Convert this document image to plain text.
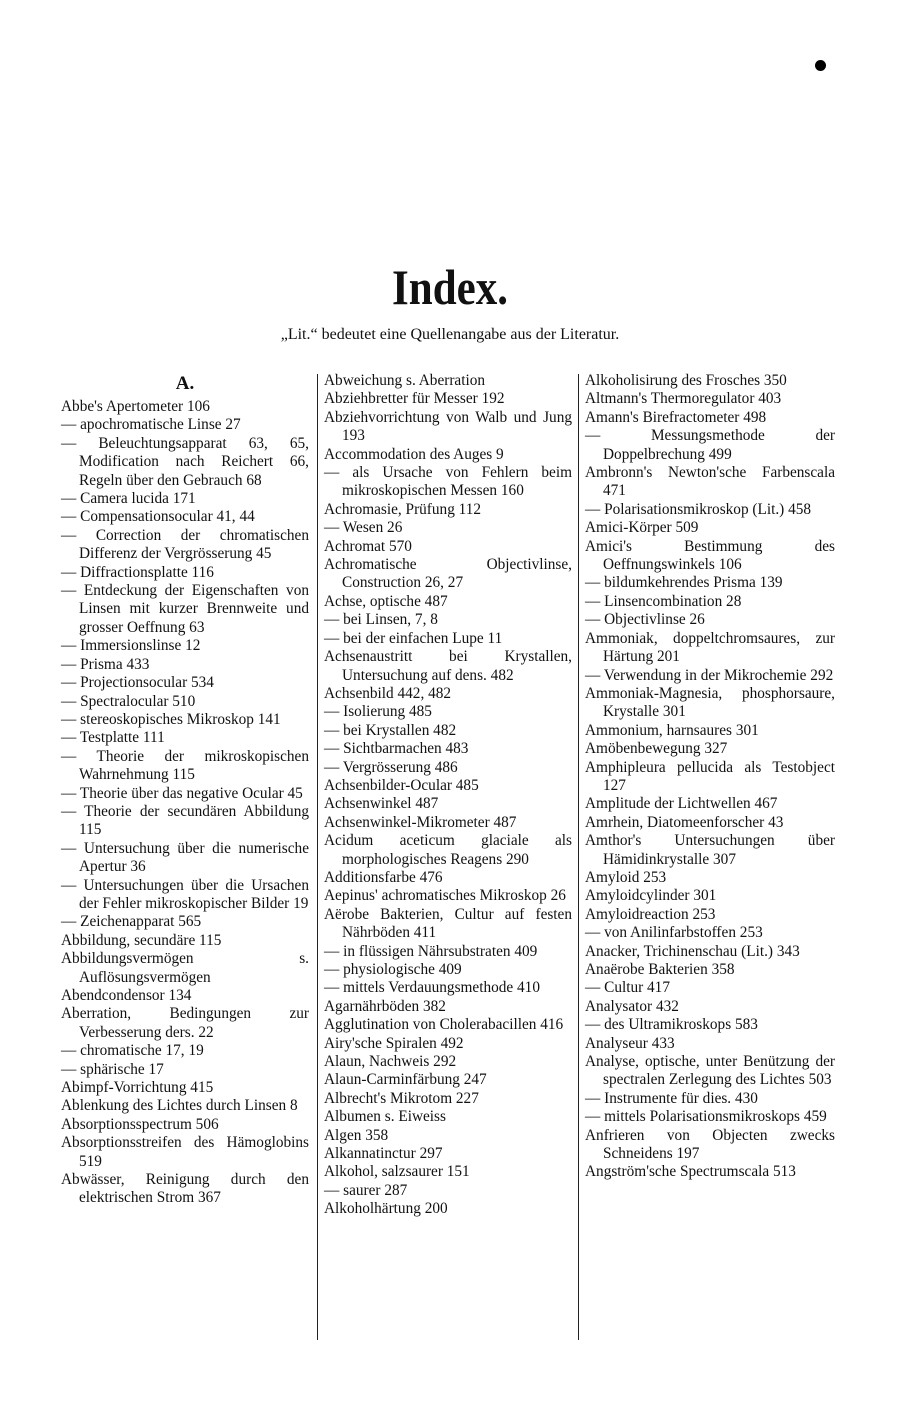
Index.
„Lit.“ bedeutet eine Quellenangabe aus der Literatur.
A.
Abbe's Apertometer 106
— apochromatische Linse 27
— Beleuchtungsapparat 63, 65, Modification nach Reichert 66, Regeln über den Gebrauch 68
— Camera lucida 171
— Compensationsocular 41, 44
— Correction der chromatischen Differenz der Vergrösserung 45
— Diffractionsplatte 116
— Entdeckung der Eigenschaften von Linsen mit kurzer Brennweite und grosser Oeffnung 63
— Immersionslinse 12
— Prisma 433
— Projectionsocular 534
— Spectralocular 510
— stereoskopisches Mikroskop 141
— Testplatte 111
— Theorie der mikroskopischen Wahrnehmung 115
— Theorie über das negative Ocular 45
— Theorie der secundären Abbildung 115
— Untersuchung über die numerische Apertur 36
— Untersuchungen über die Ursachen der Fehler mikroskopischer Bilder 19
— Zeichenapparat 565
Abbildung, secundäre 115
Abbildungsvermögen s. Auflösungsvermögen
Abendcondensor 134
Aberration, Bedingungen zur Verbesserung ders. 22
— chromatische 17, 19
— sphärische 17
Abimpf-Vorrichtung 415
Ablenkung des Lichtes durch Linsen 8
Absorptionsspectrum 506
Absorptionsstreifen des Hämoglobins 519
Abwässer, Reinigung durch den elektrischen Strom 367
Abweichung s. Aberration
Abziehbretter für Messer 192
Abziehvorrichtung von Walb und Jung 193
Accommodation des Auges 9
— als Ursache von Fehlern beim mikroskopischen Messen 160
Achromasie, Prüfung 112
— Wesen 26
Achromat 570
Achromatische Objectivlinse, Construction 26, 27
Achse, optische 487
— bei Linsen, 7, 8
— bei der einfachen Lupe 11
Achsenaustritt bei Krystallen, Untersuchung auf dens. 482
Achsenbild 442, 482
— Isolierung 485
— bei Krystallen 482
— Sichtbarmachen 483
— Vergrösserung 486
Achsenbilder-Ocular 485
Achsenwinkel 487
Achsenwinkel-Mikrometer 487
Acidum aceticum glaciale als morphologisches Reagens 290
Additionsfarbe 476
Aepinus' achromatisches Mikroskop 26
Aërobe Bakterien, Cultur auf festen Nährböden 411
— in flüssigen Nährsubstraten 409
— physiologische 409
— mittels Verdauungsmethode 410
Agarnährböden 382
Agglutination von Cholerabacillen 416
Airy'sche Spiralen 492
Alaun, Nachweis 292
Alaun-Carminfärbung 247
Albrecht's Mikrotom 227
Albumen s. Eiweiss
Algen 358
Alkannatinctur 297
Alkohol, salzsaurer 151
— saurer 287
Alkoholhärtung 200
Alkoholisirung des Frosches 350
Altmann's Thermoregulator 403
Amann's Birefractometer 498
— Messungsmethode der Doppelbrechung 499
Ambronn's Newton'sche Farbenscala 471
— Polarisationsmikroskop (Lit.) 458
Amici-Körper 509
Amici's Bestimmung des Oeffnungswinkels 106
— bildumkehrendes Prisma 139
— Linsencombination 28
— Objectivlinse 26
Ammoniak, doppeltchromsaures, zur Härtung 201
— Verwendung in der Mikrochemie 292
Ammoniak-Magnesia, phosphorsaure, Krystalle 301
Ammonium, harnsaures 301
Amöbenbewegung 327
Amphipleura pellucida als Testobject 127
Amplitude der Lichtwellen 467
Amrhein, Diatomeenforscher 43
Amthor's Untersuchungen über Hämidinkrystalle 307
Amyloid 253
Amyloidcylinder 301
Amyloidreaction 253
— von Anilinfarbstoffen 253
Anacker, Trichinenschau (Lit.) 343
Anaërobe Bakterien 358
— Cultur 417
Analysator 432
— des Ultramikroskops 583
Analyseur 433
Analyse, optische, unter Benützung der spectralen Zerlegung des Lichtes 503
— Instrumente für dies. 430
— mittels Polarisationsmikroskops 459
Anfrieren von Objecten zwecks Schneidens 197
Angström'sche Spectrumscala 513
